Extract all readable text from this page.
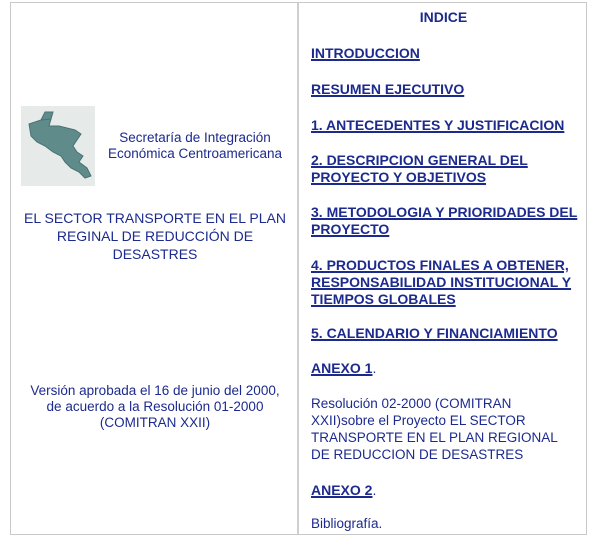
Secretaría de Integración
Económica Centroamericana
EL SECTOR TRANSPORTE EN EL PLAN
REGINAL DE REDUCCIÓN DE
DESASTRES
Versión aprobada el 16 de junio del 2000,
de acuerdo a la Resolución 01-2000
(COMITRAN XXII)
INDICE
INTRODUCCION
RESUMEN EJECUTIVO
1. ANTECEDENTES Y JUSTIFICACION
2. DESCRIPCION GENERAL DEL
PROYECTO Y OBJETIVOS
3. METODOLOGIA Y PRIORIDADES DEL
PROYECTO
4. PRODUCTOS FINALES A OBTENER,
RESPONSABILIDAD INSTITUCIONAL Y
TIEMPOS GLOBALES
5. CALENDARIO Y FINANCIAMIENTO
ANEXO 1.
Resolución 02-2000 (COMITRAN
XXII)sobre el Proyecto EL SECTOR
TRANSPORTE EN EL PLAN REGIONAL
DE REDUCCION DE DESASTRES
ANEXO 2.
Bibliografía.
